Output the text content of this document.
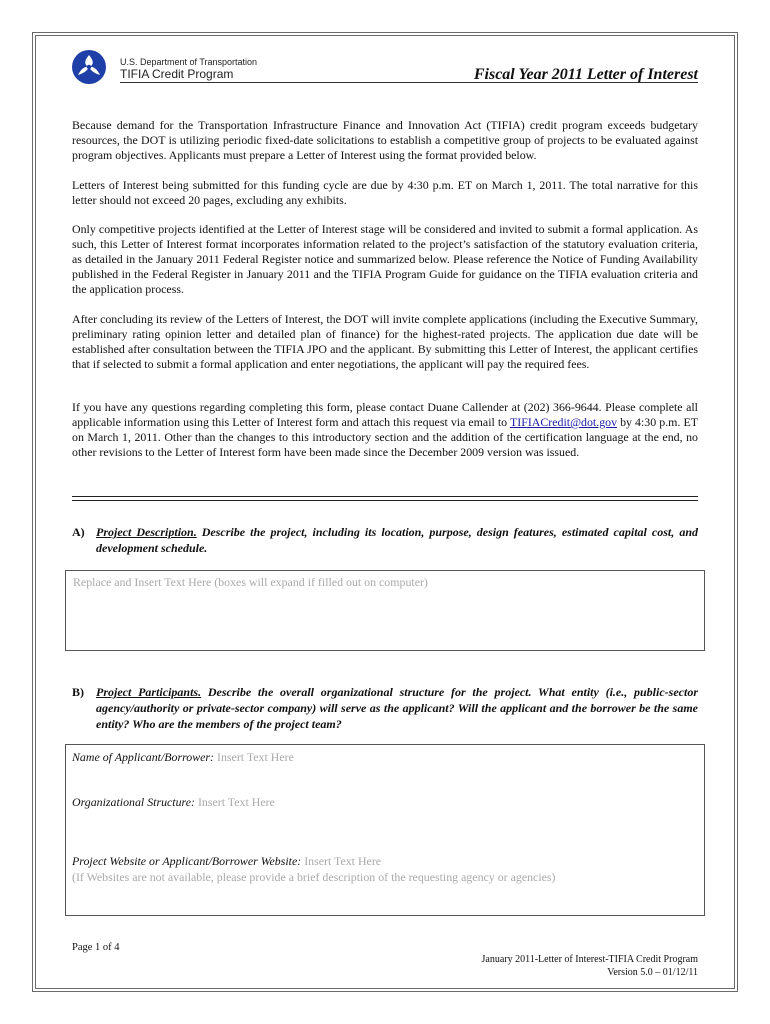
U.S. Department of Transportation
TIFIA Credit Program	Fiscal Year 2011 Letter of Interest

Because demand for the Transportation Infrastructure Finance and Innovation Act (TIFIA) credit program exceeds budgetary resources, the DOT is utilizing periodic fixed-date solicitations to establish a competitive group of projects to be evaluated against program objectives. Applicants must prepare a Letter of Interest using the format provided below.

Letters of Interest being submitted for this funding cycle are due by 4:30 p.m. ET on March 1, 2011. The total narrative for this letter should not exceed 20 pages, excluding any exhibits.

Only competitive projects identified at the Letter of Interest stage will be considered and invited to submit a formal application. As such, this Letter of Interest format incorporates information related to the project’s satisfaction of the statutory evaluation criteria, as detailed in the January 2011 Federal Register notice and summarized below. Please reference the Notice of Funding Availability published in the Federal Register in January 2011 and the TIFIA Program Guide for guidance on the TIFIA evaluation criteria and the application process.

After concluding its review of the Letters of Interest, the DOT will invite complete applications (including the Executive Summary, preliminary rating opinion letter and detailed plan of finance) for the highest-rated projects. The application due date will be established after consultation between the TIFIA JPO and the applicant. By submitting this Letter of Interest, the applicant certifies that if selected to submit a formal application and enter negotiations, the applicant will pay the required fees.

If you have any questions regarding completing this form, please contact Duane Callender at (202) 366-9644. Please complete all applicable information using this Letter of Interest form and attach this request via email to TIFIACredit@dot.gov by 4:30 p.m. ET on March 1, 2011. Other than the changes to this introductory section and the addition of the certification language at the end, no other revisions to the Letter of Interest form have been made since the December 2009 version was issued.

A) Project Description. Describe the project, including its location, purpose, design features, estimated capital cost, and development schedule.
Replace and Insert Text Here (boxes will expand if filled out on computer)
B)	Project Participants. Describe the overall organizational structure for the project. What entity (i.e., public-sector agency/authority or private-sector company) will serve as the applicant? Will the applicant and the borrower be the same entity? Who are the members of the project team?
Name of Applicant/Borrower: Insert Text Here
Organizational Structure: Insert Text Here
Project Website or Applicant/Borrower Website: Insert Text Here
(If Websites are not available, please provide a brief description of the requesting agency or agencies)
Page 1 of 4
January 2011-Letter of Interest-TIFIA Credit Program
Version 5.0 – 01/12/11
